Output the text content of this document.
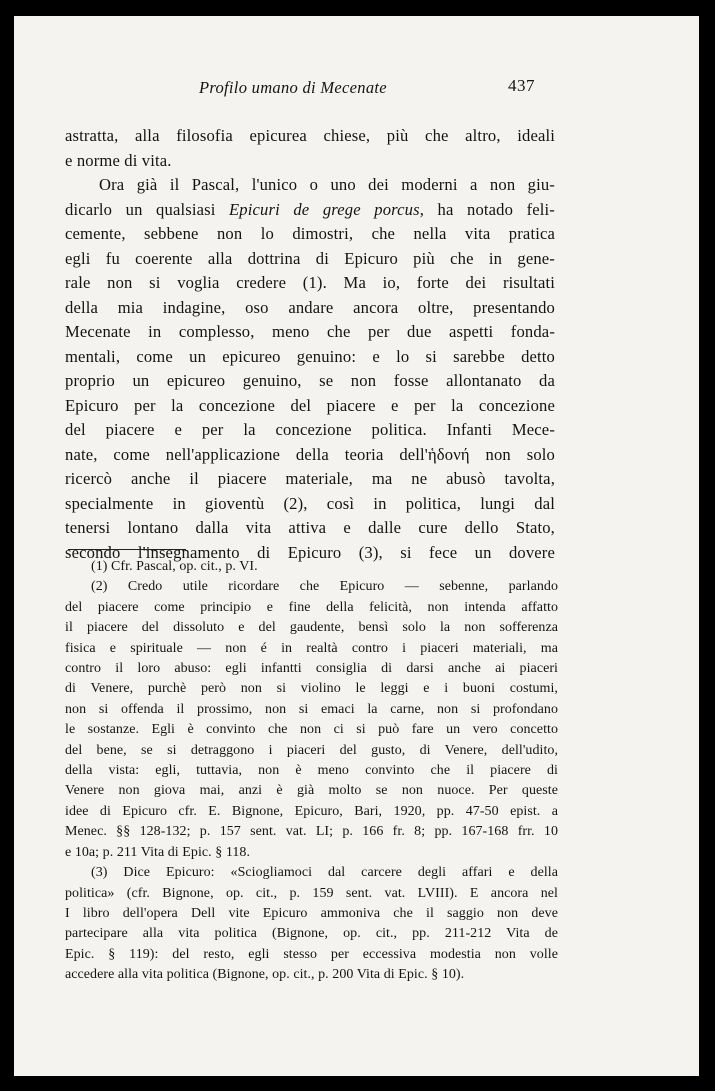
Profilo umano di Mecenate	437
astratta, alla filosofia epicurea chiese, più che altro, ideali
e norme di vita.
Ora già il Pascal, l'unico o uno dei moderni a non giu-
dicarlo un qualsiasi Epicuri de grege porcus, ha notado feli-
cemente, sebbene non lo dimostri, che nella vita pratica
egli fu coerente alla dottrina di Epicuro più che in gene-
rale non si voglia credere (1). Ma io, forte dei risultati
della mia indagine, oso andare ancora oltre, presentando
Mecenate in complesso, meno che per due aspetti fonda-
mentali, come un epicureo genuino: e lo si sarebbe detto
proprio un epicureo genuino, se non fosse allontanato da
Epicuro per la concezione del piacere e per la concezione
del piacere e per la concezione politica. Infanti Mece-
nate, come nell'applicazione della teoria dell'ἡδονή non solo
ricercò anche il piacere materiale, ma ne abusò tavolta,
specialmente in gioventù (2), così in politica, lungi dal
tenersi lontano dalla vita attiva e dalle cure dello Stato,
secondo l'insegnamento di Epicuro (3), si fece un dovere
(1) Cfr. Pascal, op. cit., p. VI.
(2) Credo utile ricordare che Epicuro — sebenne, parlando
del piacere come principio e fine della felicità, non intenda affatto
il piacere del dissoluto e del gaudente, bensì solo la non sofferenza
fisica e spirituale — non é in realtà contro i piaceri materiali, ma
contro il loro abuso: egli infantti consiglia di darsi anche ai piaceri
di Venere, purchè però non si violino le leggi e i buoni costumi,
non si offenda il prossimo, non si emaci la carne, non si profondano
le sostanze. Egli è convinto che non ci si può fare un vero concetto
del bene, se si detraggono i piaceri del gusto, di Venere, dell'udito,
della vista: egli, tuttavia, non è meno convinto che il piacere di
Venere non giova mai, anzi è già molto se non nuoce. Per queste
idee di Epicuro cfr. E. Bignone, Epicuro, Bari, 1920, pp. 47-50 epist. a
Menec. §§ 128-132; p. 157 sent. vat. LI; p. 166 fr. 8; pp. 167-168 frr. 10
e 10a; p. 211 Vita di Epic. § 118.
(3) Dice Epicuro: «Sciogliamoci dal carcere degli affari e della
politica» (cfr. Bignone, op. cit., p. 159 sent. vat. LVIII). E ancora nel
I libro dell'opera Dell vite Epicuro ammoniva che il saggio non deve
partecipare alla vita politica (Bignone, op. cit., pp. 211-212 Vita de
Epic. § 119): del resto, egli stesso per eccessiva modestia non volle
accedere alla vita politica (Bignone, op. cit., p. 200 Vita di Epic. § 10).
